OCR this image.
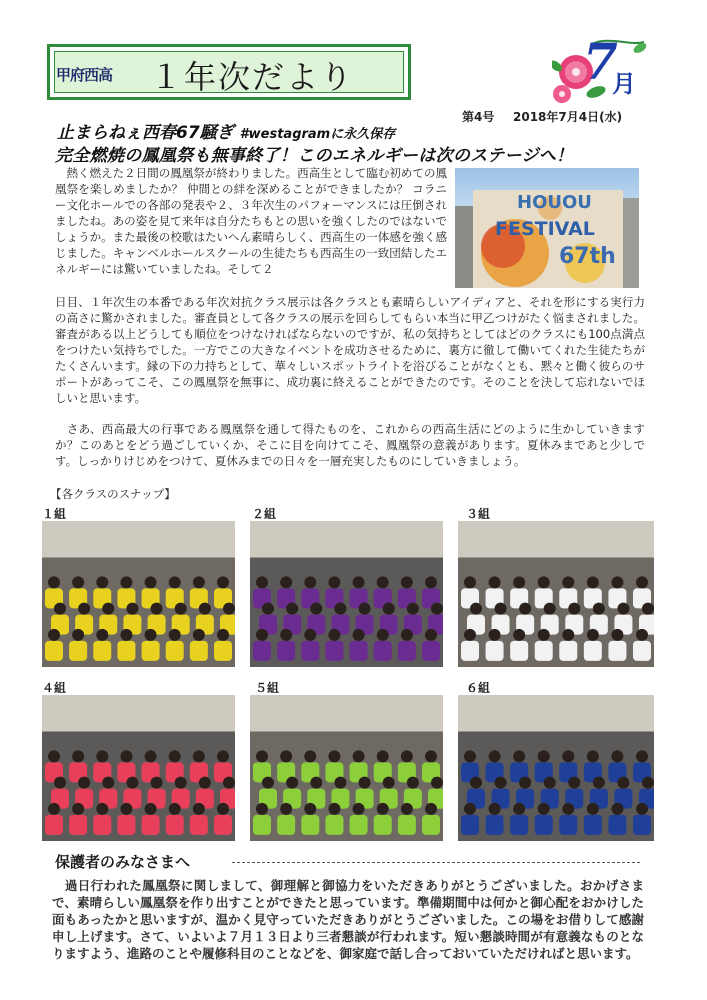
甲府西高 １年次だより	7
月
第4号 2018年7月4日(水)
止まらねぇ西春67騒ぎ #westagramに永久保存
完全燃焼の鳳凰祭も無事終了！このエネルギーは次のステージへ！
HOUOU
FESTIVAL
67th

　熱く燃えた２日間の鳳凰祭が終わりました。西高生として臨む初めての鳳凰祭を楽しめましたか？ 仲間との絆を深めることができましたか？ コラニー文化ホールでの各部の発表や２、３年次生のパフォーマンスには圧倒されましたね。あの姿を見て来年は自分たちもとの思いを強くしたのではないでしょうか。また最後の校歌はたいへん素晴らしく、西高生の一体感を強く感じました。キャンベルホールスクールの生徒たちも西高生の一致団結したエネルギーには驚いていましたね。そして２

日目、１年次生の本番である年次対抗クラス展示は各クラスとも素晴らしいアイディアと、それを形にする実行力の高さに驚かされました。審査員として各クラスの展示を回らしてもらい本当に甲乙つけがたく悩まされました。審査がある以上どうしても順位をつけなければならないのですが、私の気持ちとしてはどのクラスにも100点満点をつけたい気持ちでした。一方でこの大きなイベントを成功させるために、裏方に徹して働いてくれた生徒たちがたくさんいます。縁の下の力持ちとして、華々しいスポットライトを浴びることがなくとも、黙々と働く彼らのサポートがあってこそ、この鳳凰祭を無事に、成功裏に終えることができたのです。そのことを決して忘れないでほしいと思います。

　さあ、西高最大の行事である鳳凰祭を通して得たものを、これからの西高生活にどのように生かしていきますか？このあとをどう過ごしていくか、そこに目を向けてこそ、鳳凰祭の意義があります。夏休みまであと少しです。しっかりけじめをつけて、夏休みまでの日々を一層充実したものにしていきましょう。

【各クラスのスナップ】
１組	２組	３組
４組	５組	６組
保護者のみなさまへ

　過日行われた鳳凰祭に関しまして、御理解と御協力をいただきありがとうございました。おかげさまで、素晴らしい鳳凰祭を作り出すことができたと思っています。準備期間中は何かと御心配をおかけした面もあったかと思いますが、温かく見守っていただきありがとうございました。この場をお借りして感謝申し上げます。さて、いよいよ７月１３日より三者懇談が行われます。短い懇談時間が有意義なものとなりますよう、進路のことや履修科目のことなどを、御家庭で話し合っておいていただければと思います。
